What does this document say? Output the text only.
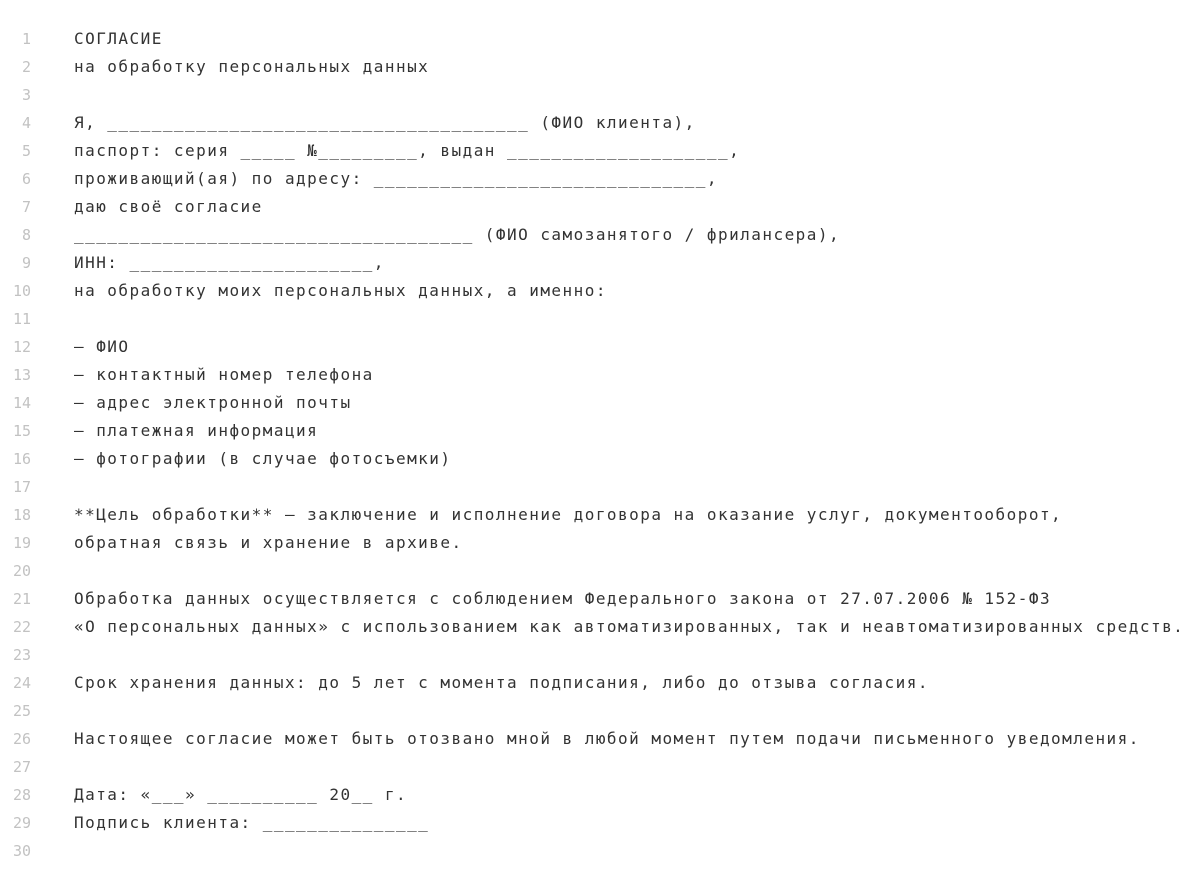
1	СОГЛАСИЕ
2	на обработку персональных данных
3
4	Я, ______________________________________ (ФИО клиента),
5	паспорт: серия _____ №_________, выдан ____________________,
6	проживающий(ая) по адресу: ______________________________,
7	даю своё согласие
8	____________________________________ (ФИО самозанятого / фрилансера),
9	ИНН: ______________________,
10	на обработку моих персональных данных, а именно:
11
12	— ФИО
13	— контактный номер телефона
14	— адрес электронной почты
15	— платежная информация
16	— фотографии (в случае фотосъемки)
17
18	**Цель обработки** — заключение и исполнение договора на оказание услуг, документооборот,
19	обратная связь и хранение в архиве.
20
21	Обработка данных осуществляется с соблюдением Федерального закона от 27.07.2006 № 152-ФЗ
22	«О персональных данных» с использованием как автоматизированных, так и неавтоматизированных средств.
23
24	Срок хранения данных: до 5 лет с момента подписания, либо до отзыва согласия.
25
26	Настоящее согласие может быть отозвано мной в любой момент путем подачи письменного уведомления.
27
28	Дата: «___» __________ 20__ г.
29	Подпись клиента: _______________
30
